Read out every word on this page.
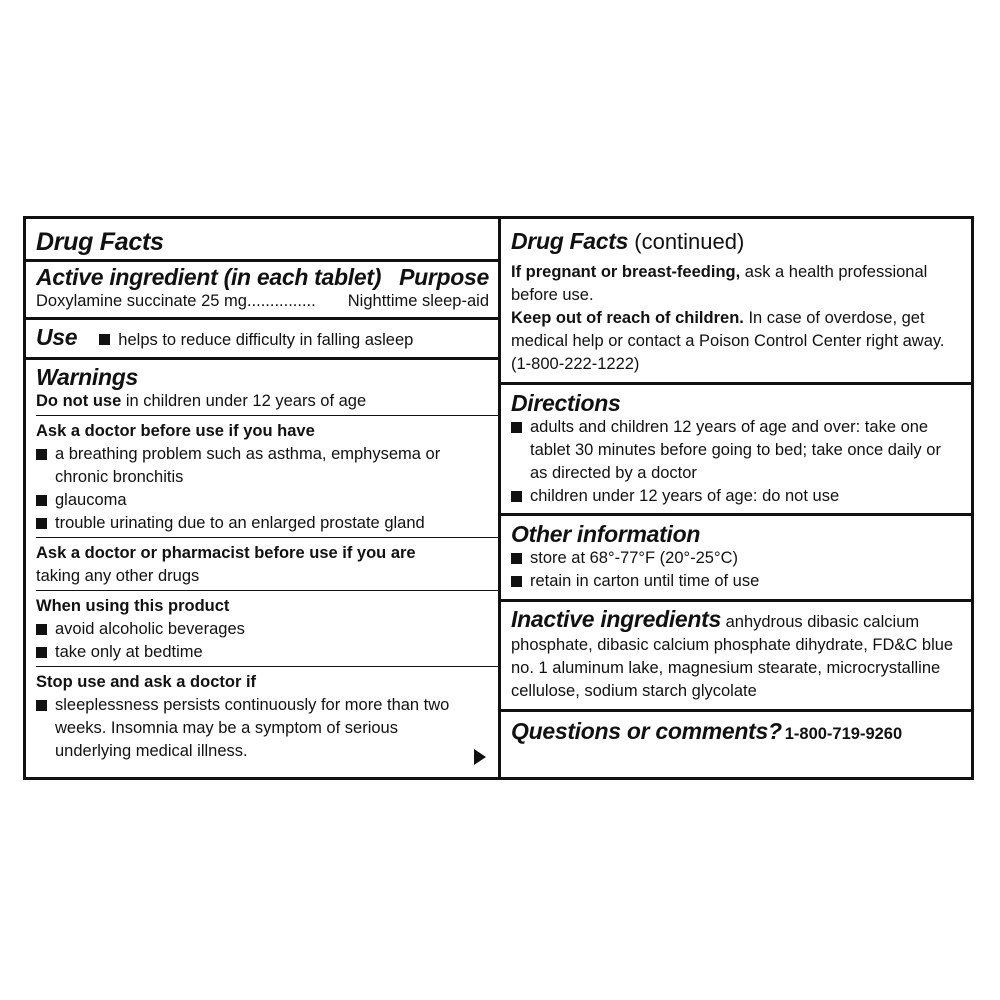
Drug Facts
Active ingredient (in each tablet) Purpose
Doxylamine succinate 25 mg............... Nighttime sleep-aid
Use helps to reduce difficulty in falling asleep
Warnings
Do not use in children under 12 years of age
Ask a doctor before use if you have
a breathing problem such as asthma, emphysema or chronic bronchitis
glaucoma
trouble urinating due to an enlarged prostate gland
Ask a doctor or pharmacist before use if you are
taking any other drugs
When using this product
avoid alcoholic beverages
take only at bedtime
Stop use and ask a doctor if
sleeplessness persists continuously for more than two weeks. Insomnia may be a symptom of serious underlying medical illness.
Drug Facts (continued)
If pregnant or breast-feeding, ask a health professional before use.
Keep out of reach of children. In case of overdose, get medical help or contact a Poison Control Center right away. (1-800-222-1222)
Directions
adults and children 12 years of age and over: take one tablet 30 minutes before going to bed; take once daily or as directed by a doctor
children under 12 years of age: do not use
Other information
store at 68°-77°F (20°-25°C)
retain in carton until time of use
Inactive ingredients anhydrous dibasic calcium phosphate, dibasic calcium phosphate dihydrate, FD&C blue no. 1 aluminum lake, magnesium stearate, microcrystalline cellulose, sodium starch glycolate
Questions or comments? 1-800-719-9260
